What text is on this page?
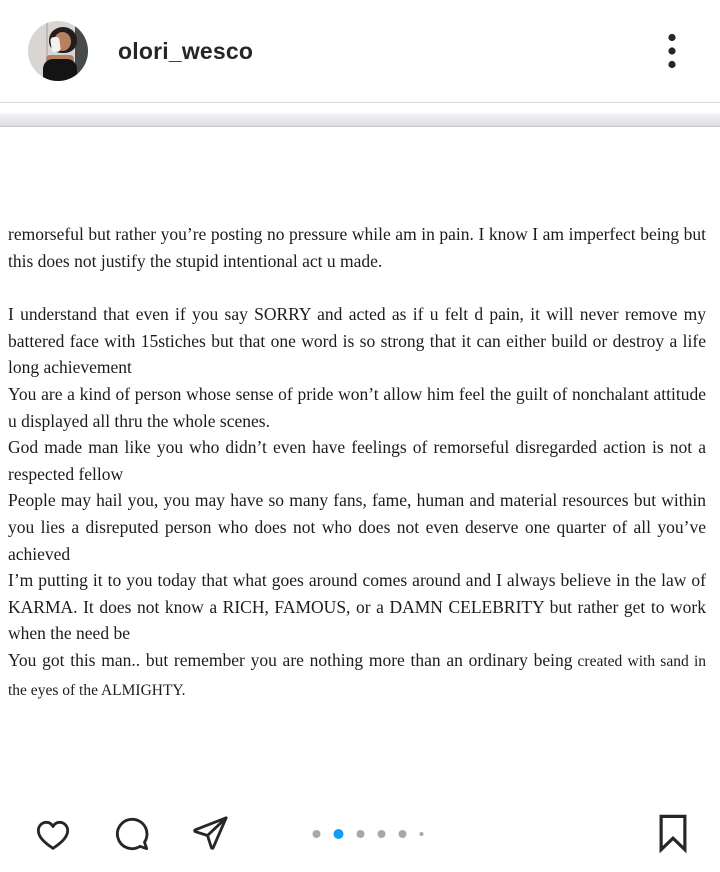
olori_wesco

remorseful but rather you’re posting no pressure while am in pain. I know I am imperfect being but this does not justify the stupid intentional act u made.

I understand that even if you say SORRY and acted as if u felt d pain, it will never remove my battered face with 15stiches but that one word is so strong that it can either build or destroy a life long achievement

You are a kind of person whose sense of pride won’t allow him feel the guilt of nonchalant attitude u displayed all thru the whole scenes.

God made man like you who didn’t even have feelings of remorseful disregarded action is not a respected fellow

People may hail you, you may have so many fans, fame, human and material resources but within you lies a disreputed person who does not who does not even deserve one quarter of all you’ve achieved

I’m putting it to you today that what goes around comes around and I always believe in the law of KARMA. It does not know a RICH, FAMOUS, or a DAMN CELEBRITY but rather get to work when the need be

You got this man.. but remember you are nothing more than an ordinary being created with sand in the eyes of the ALMIGHTY.
